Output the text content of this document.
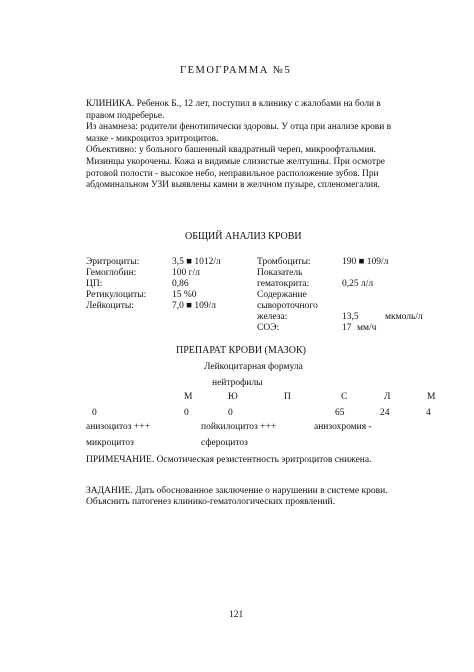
ГЕМОГРАММА №5

КЛИНИКА. Ребенок Б., 12 лет, поступил в клинику с жалобами на боли в правом подреберье.

Из анамнеза: родители фенотипически здоровы. У отца при анализе крови в мазке - микроцитоз эритроцитов.

Объективно: у больного башенный квадратный череп, микроофтальмия. Мизинцы укорочены. Кожа и видимые слизистые желтушны. При осмотре ротовой полости - высокое небо, неправильное расположение зубов. При абдоминальном УЗИ выявлены камни в желчном пузыре, спленомегалия.

ОБЩИЙ АНАЛИЗ КРОВИ
Эритроциты:	3,5 ■ 1012/л
Гемоглобин:	100 г/л
ЦП:	0,86
Ретикулоциты:	15 %0
Лейкоциты:	7,0 ■ 109/л
Тромбоциты:	190 ■ 109/л
Показатель
гематокрита:	0,25 л/л
Содержание
сывороточного
железа:	13,5	мкмоль/л
СОЭ:	17 мм/ч
ПРЕПАРАТ КРОВИ (МАЗОК)
Лейкоцитарная формула
нейтрофилы
М	Ю	П	С	Л	М
0	0	0	65	24	4
анизоцитоз +++	пойкилоцитоз +++	анизохромия -
микроцитоз	сфероцитоз
ПРИМЕЧАНИЕ. Осмотическая резистентность эритроцитов снижена.
ЗАДАНИЕ. Дать обоснованное заключение о нарушении в системе крови.
Объяснить патогенез клинико-гематологических проявлений.
121
